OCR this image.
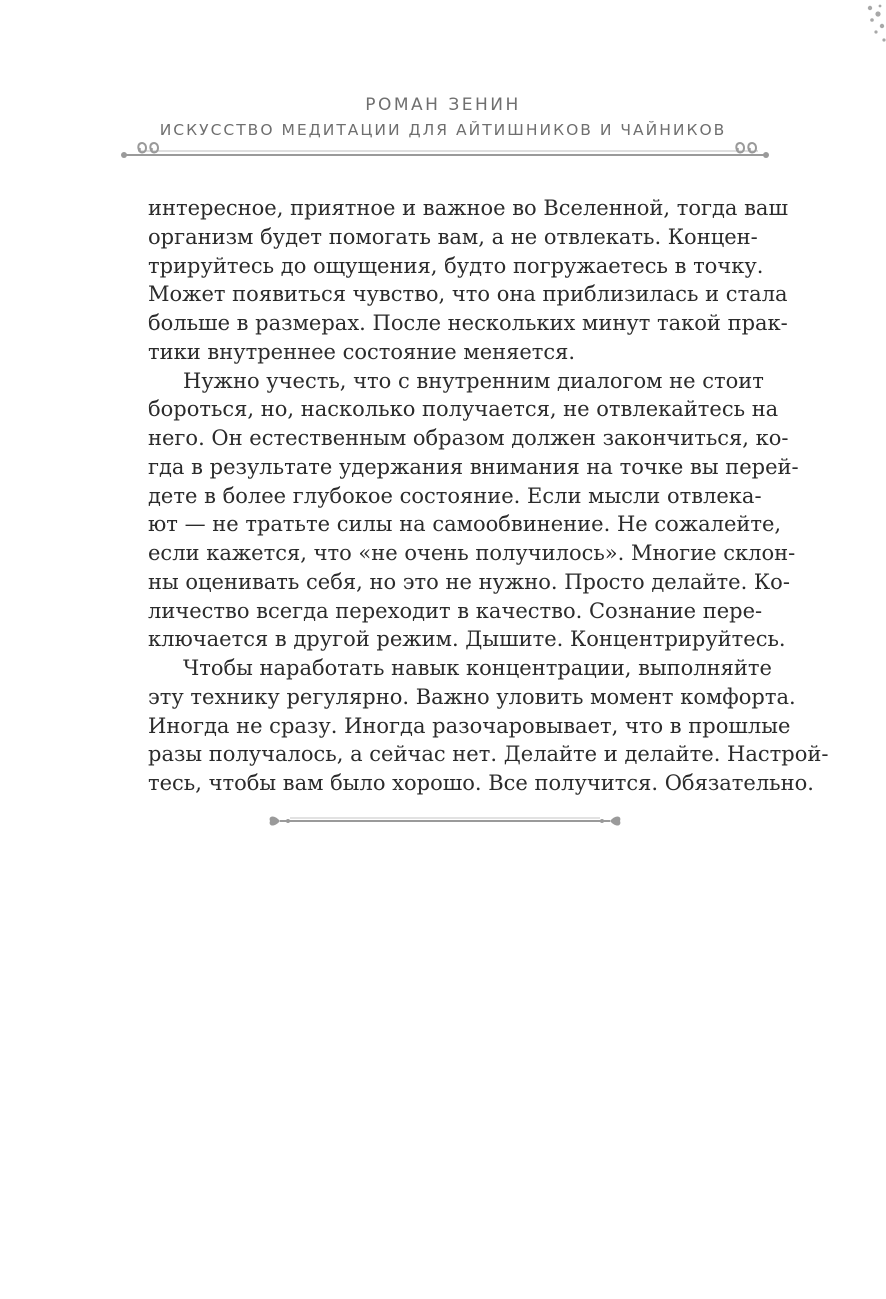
РОМАН ЗЕНИН
ИСКУССТВО МЕДИТАЦИИ ДЛЯ АЙТИШНИКОВ И ЧАЙНИКОВ

интересное, приятное и важное во Вселенной, тогда ваш

организм будет помогать вам, а не отвлекать. Концен-

трируйтесь до ощущения, будто погружаетесь в точку.

Может появиться чувство, что она приблизилась и стала

больше в размерах. После нескольких минут такой прак-

тики внутреннее состояние меняется.

Нужно учесть, что с внутренним диалогом не стоит

бороться, но, насколько получается, не отвлекайтесь на

него. Он естественным образом должен закончиться, ко-

гда в результате удержания внимания на точке вы перей-

дете в более глубокое состояние. Если мысли отвлека-

ют — не тратьте силы на самообвинение. Не сожалейте,

если кажется, что «не очень получилось». Многие склон-

ны оценивать себя, но это не нужно. Просто делайте. Ко-

личество всегда переходит в качество. Сознание пере-

ключается в другой режим. Дышите. Концентрируйтесь.

Чтобы наработать навык концентрации, выполняйте

эту технику регулярно. Важно уловить момент комфорта.

Иногда не сразу. Иногда разочаровывает, что в прошлые

разы получалось, а сейчас нет. Делайте и делайте. Настрой-

тесь, чтобы вам было хорошо. Все получится. Обязательно.
